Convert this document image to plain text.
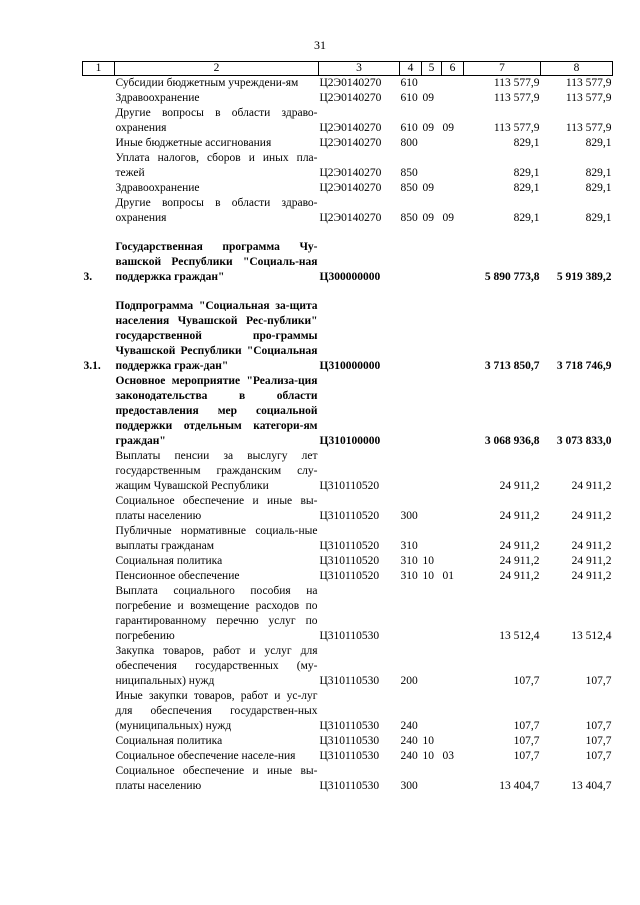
31
1	2	3	4	5	6	7	8
	Субсидии бюджетным учреждени-ям	Ц2Э0140270	610			113 577,9	113 577,9
	Здравоохранение	Ц2Э0140270	610	09		113 577,9	113 577,9
	Другие вопросы в области здраво-охранения	Ц2Э0140270	610	09	09	113 577,9	113 577,9
	Иные бюджетные ассигнования	Ц2Э0140270	800			829,1	829,1
	Уплата налогов, сборов и иных пла-тежей	Ц2Э0140270	850			829,1	829,1
	Здравоохранение	Ц2Э0140270	850	09		829,1	829,1
	Другие вопросы в области здраво-охранения	Ц2Э0140270	850	09	09	829,1	829,1

3.	Государственная программа Чу-вашской Республики "Социаль-ная поддержка граждан"	Ц300000000				5 890 773,8	5 919 389,2

3.1.	Подпрограмма "Социальная за-щита населения Чувашской Рес-публики" государственной про-граммы Чувашской Республики "Социальная поддержка граж-дан"	Ц310000000				3 713 850,7	3 718 746,9
	Основное мероприятие "Реализа-ция законодательства в области предоставления мер социальной поддержки отдельным категори-ям граждан"	Ц310100000				3 068 936,8	3 073 833,0
	Выплаты пенсии за выслугу лет государственным гражданским слу-жащим Чувашской Республики	Ц310110520				24 911,2	24 911,2
	Социальное обеспечение и иные вы-платы населению	Ц310110520	300			24 911,2	24 911,2
	Публичные нормативные социаль-ные выплаты гражданам	Ц310110520	310			24 911,2	24 911,2
	Социальная политика	Ц310110520	310	10		24 911,2	24 911,2
	Пенсионное обеспечение	Ц310110520	310	10	01	24 911,2	24 911,2
	Выплата социального пособия на погребение и возмещение расходов по гарантированному перечню услуг по погребению	Ц310110530				13 512,4	13 512,4
	Закупка товаров, работ и услуг для обеспечения государственных (му-ниципальных) нужд	Ц310110530	200			107,7	107,7
	Иные закупки товаров, работ и ус-луг для обеспечения государствен-ных (муниципальных) нужд	Ц310110530	240			107,7	107,7
	Социальная политика	Ц310110530	240	10		107,7	107,7
	Социальное обеспечение населе-ния	Ц310110530	240	10	03	107,7	107,7
	Социальное обеспечение и иные вы-платы населению	Ц310110530	300			13 404,7	13 404,7
